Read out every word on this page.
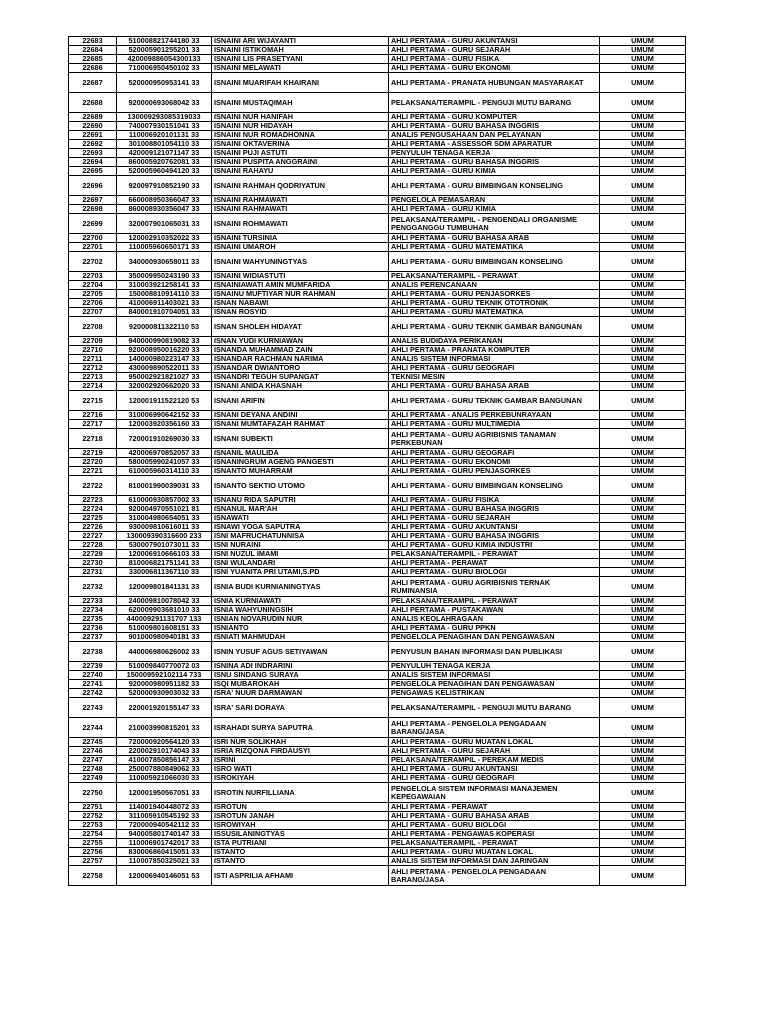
22683	510008821744180 33	ISNAINI ARI WIJAYANTI	AHLI PERTAMA - GURU AKUNTANSI	UMUM
22684	520005901255201 33	ISNAINI ISTIKOMAH	AHLI PERTAMA - GURU SEJARAH	UMUM
22685	420009886054300133	ISNAINI LIS PRASETYANI	AHLI PERTAMA - GURU FISIKA	UMUM
22686	710006950450102 33	ISNAINI MELAWATI	AHLI PERTAMA - GURU EKONOMI	UMUM
22687	520000950953141 33	ISNAINI MUARIFAH KHAIRANI	AHLI PERTAMA - PRANATA HUBUNGAN MASYARAKAT	UMUM
22688	920000693068042 33	ISNAINI MUSTAQIMAH	PELAKSANA/TERAMPIL - PENGUJI MUTU BARANG	UMUM
22689	130009293085319033	ISNAINI NUR HANIFAH	AHLI PERTAMA - GURU KOMPUTER	UMUM
22690	740007930151041 33	ISNAINI NUR HIDAYAH	AHLI PERTAMA - GURU BAHASA INGGRIS	UMUM
22691	110006920101131 33	ISNAINI NUR ROMADHONNA	ANALIS PENGUSAHAAN DAN PELAYANAN	UMUM
22692	301008801054110 33	ISNAINI OKTAVERINA	AHLI PERTAMA - ASSESSOR SDM APARATUR	UMUM
22693	420009121071147 33	ISNAINI PUJI ASTUTI	PENYULUH TENAGA KERJA	UMUM
22694	860005920762081 33	ISNAINI PUSPITA ANGGRAINI	AHLI PERTAMA - GURU BAHASA INGGRIS	UMUM
22695	520005960494120 33	ISNAINI RAHAYU	AHLI PERTAMA - GURU KIMIA	UMUM
22696	920097910852190 33	ISNAINI RAHMAH QODRIYATUN	AHLI PERTAMA - GURU BIMBINGAN KONSELING	UMUM
22697	660008950366047 33	ISNAINI RAHMAWATI	PENGELOLA PEMASARAN	UMUM
22698	860008930356047 33	ISNAINI RAHMAWATI	AHLI PERTAMA - GURU KIMIA	UMUM
22699	320007901065031 33	ISNAINI ROHMAWATI	PELAKSANA/TERAMPIL - PENGENDALI ORGANISME PENGGANGGU TUMBUHAN	UMUM
22700	120002910352022 33	ISNAINI TURSINIA	AHLI PERTAMA - GURU BAHASA ARAB	UMUM
22701	110005960650171 33	ISNAINI UMAROH	AHLI PERTAMA - GURU MATEMATIKA	UMUM
22702	340000930658011 33	ISNAINI WAHYUNINGTYAS	AHLI PERTAMA - GURU BIMBINGAN KONSELING	UMUM
22703	350009950243190 33	ISNAINI WIDIASTUTI	PELAKSANA/TERAMPIL - PERAWAT	UMUM
22704	310003921258141 33	ISNAINIAWATI AMIN MUMFARIDA	ANALIS PERENCANAAN	UMUM
22705	150008810914110 33	ISNAINU MUFTIYAR NUR RAHMAN	AHLI PERTAMA - GURU PENJASORKES	UMUM
22706	410006911403021 33	ISNAN NABAWI	AHLI PERTAMA - GURU TEKNIK OTOTRONIK	UMUM
22707	840001910704051 33	ISNAN ROSYID	AHLI PERTAMA - GURU MATEMATIKA	UMUM
22708	920000811322110 53	ISNAN SHOLEH HIDAYAT	AHLI PERTAMA - GURU TEKNIK GAMBAR BANGUNAN	UMUM
22709	940000990819082 33	ISNAN YUDI KURNIAWAN	ANALIS BUDIDAYA PERIKANAN	UMUM
22710	920008950016220 33	ISNANDA MUHAMMAD ZAIN	AHLI PERTAMA - PRANATA KOMPUTER	UMUM
22711	140000980223147 33	ISNANDAR RACHMAN NARIMA	ANALIS SISTEM INFORMASI	UMUM
22712	430009890522011 33	ISNANDAR DWIANTORO	AHLI PERTAMA - GURU GEOGRAFI	UMUM
22713	950002921821027 33	ISNANDRI TEGUH SUPANGAT	TEKNISI MESIN	UMUM
22714	320002920662020 33	ISNANI ANIDA KHASNAH	AHLI PERTAMA - GURU BAHASA ARAB	UMUM
22715	120001911522120 53	ISNANI ARIFIN	AHLI PERTAMA - GURU TEKNIK GAMBAR BANGUNAN	UMUM
22716	310006990642152 33	ISNANI DEYANA ANDINI	AHLI PERTAMA - ANALIS PERKEBUNRAYAAN	UMUM
22717	120003920356160 33	ISNANI MUMTAFAZAH RAHMAT	AHLI PERTAMA - GURU MULTIMEDIA	UMUM
22718	720001910269030 33	ISNANI SUBEKTI	AHLI PERTAMA - GURU AGRIBISNIS TANAMAN PERKEBUNAN	UMUM
22719	420006970852057 33	ISNANIL MAULIDA	AHLI PERTAMA - GURU GEOGRAFI	UMUM
22720	580005990241057 33	ISNANINGRUM AGENG PANGESTI	AHLI PERTAMA - GURU EKONOMI	UMUM
22721	610005960314110 33	ISNANTO MUHARRAM	AHLI PERTAMA - GURU PENJASORKES	UMUM
22722	810001990039031 33	ISNANTO SEKTIO UTOMO	AHLI PERTAMA - GURU BIMBINGAN KONSELING	UMUM
22723	610000930857002 33	ISNANU RIDA SAPUTRI	AHLI PERTAMA - GURU FISIKA	UMUM
22724	920004970551021 81	ISNANUL MAR'AH	AHLI PERTAMA - GURU BAHASA INGGRIS	UMUM
22725	310004980654051 33	ISNAWATI	AHLI PERTAMA - GURU SEJARAH	UMUM
22726	930009810616011 33	ISNAWI YOGA SAPUTRA	AHLI PERTAMA - GURU AKUNTANSI	UMUM
22727	130009390316600 233	ISNI MAFRUCHATUNNISA	AHLI PERTAMA - GURU BAHASA INGGRIS	UMUM
22728	530007901073011 33	ISNI NURAINI	AHLI PERTAMA - GURU KIMIA INDUSTRI	UMUM
22729	120006910666103 33	ISNI NUZUL IMAMI	PELAKSANA/TERAMPIL - PERAWAT	UMUM
22730	810006821751141 33	ISNI WULANDARI	AHLI PERTAMA - PERAWAT	UMUM
22731	330006811367110 33	ISNI YUANITA PRI UTAMI,S.PD	AHLI PERTAMA - GURU BIOLOGI	UMUM
22732	120009801841131 33	ISNIA BUDI KURNIANINGTYAS	AHLI PERTAMA - GURU AGRIBISNIS TERNAK RUMINANSIA	UMUM
22733	240009810078042 33	ISNIA KURNIAWATI	PELAKSANA/TERAMPIL - PERAWAT	UMUM
22734	620009903681010 33	ISNIA WAHYUNINGSIH	AHLI PERTAMA - PUSTAKAWAN	UMUM
22735	440009291131707 133	ISNIAN NOVARUDIN NUR	ANALIS KEOLAHRAGAAN	UMUM
22736	510009801608151 33	ISNIANTO	AHLI PERTAMA - GURU PPKN	UMUM
22737	901000980940181 33	ISNIATI MAHMUDAH	PENGELOLA PENAGIHAN DAN PENGAWASAN	UMUM
22738	440006980626002 33	ISNIN YUSUF AGUS SETIYAWAN	PENYUSUN BAHAN INFORMASI DAN PUBLIKASI	UMUM
22739	510009840770072 03	ISNINA ADI INDRARINI	PENYULUH TENAGA KERJA	UMUM
22740	150009592102114 733	ISNU SINDANG SURAYA	ANALIS SISTEM INFORMASI	UMUM
22741	920000980951182 33	ISQI MUBAROKAH	PENGELOLA PENAGIHAN DAN PENGAWASAN	UMUM
22742	520000930903032 33	ISRA' NUUR DARMAWAN	PENGAWAS KELISTRIKAN	UMUM
22743	220001920155147 33	ISRA' SARI DORAYA	PELAKSANA/TERAMPIL - PENGUJI MUTU BARANG	UMUM
22744	210003990815201 33	ISRAHADI SURYA SAPUTRA	AHLI PERTAMA - PENGELOLA PENGADAAN BARANG/JASA	UMUM
22745	720000920564120 33	ISRI NUR SOLIKHAH	AHLI PERTAMA - GURU MUATAN LOKAL	UMUM
22746	220002910174043 33	ISRIA RIZQONA FIRDAUSYI	AHLI PERTAMA - GURU SEJARAH	UMUM
22747	410007850856147 33	ISRINI	PELAKSANA/TERAMPIL - PEREKAM MEDIS	UMUM
22748	250007880849062 33	ISRO WATI	AHLI PERTAMA - GURU AKUNTANSI	UMUM
22749	110005921066030 33	ISROKIYAH	AHLI PERTAMA - GURU GEOGRAFI	UMUM
22750	120001950567051 33	ISROTIN NURFILLIANA	PENGELOLA SISTEM INFORMASI MANAJEMEN KEPEGAWAIAN	UMUM
22751	114001940448072 33	ISROTUN	AHLI PERTAMA - PERAWAT	UMUM
22752	311005910545192 33	ISROTUN JANAH	AHLI PERTAMA - GURU BAHASA ARAB	UMUM
22753	720000940542112 33	ISROWIYAH	AHLI PERTAMA - GURU BIOLOGI	UMUM
22754	940005801740147 33	ISSUSILANINGTYAS	AHLI PERTAMA - PENGAWAS KOPERASI	UMUM
22755	110006901742017 33	ISTA PUTRIANI	PELAKSANA/TERAMPIL - PERAWAT	UMUM
22756	830006860415051 33	ISTANTO	AHLI PERTAMA - GURU MUATAN LOKAL	UMUM
22757	110007850325021 33	ISTANTO	ANALIS SISTEM INFORMASI DAN JARINGAN	UMUM
22758	120006940146051 53	ISTI ASPRILIA AFHAMI	AHLI PERTAMA - PENGELOLA PENGADAAN BARANG/JASA	UMUM
